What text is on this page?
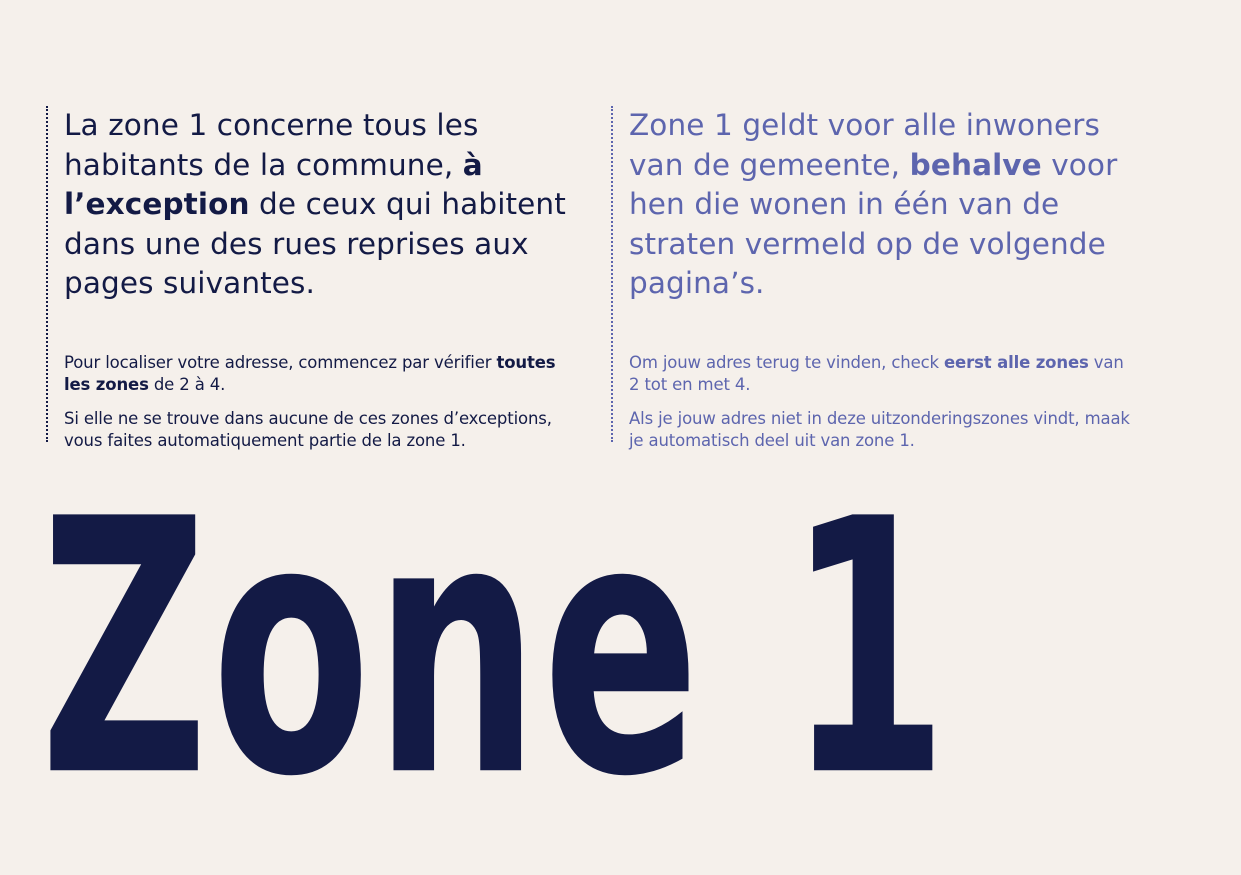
La zone 1 concerne tous les habitants de la commune, à l’exception de ceux qui habitent dans une des rues reprises aux pages suivantes.

Pour localiser votre adresse, commencez par vérifier toutes les zones de 2 à 4.

Si elle ne se trouve dans aucune de ces zones d’exceptions, vous faites automatiquement partie de la zone 1.

Zone 1 geldt voor alle inwoners van de gemeente, behalve voor hen die wonen in één van de straten vermeld op de volgende pagina’s.

Om jouw adres terug te vinden, check eerst alle zones van 2 tot en met 4.

Als je jouw adres niet in deze uitzonderingszones vindt, maak je automatisch deel uit van zone 1.

Zone 1
